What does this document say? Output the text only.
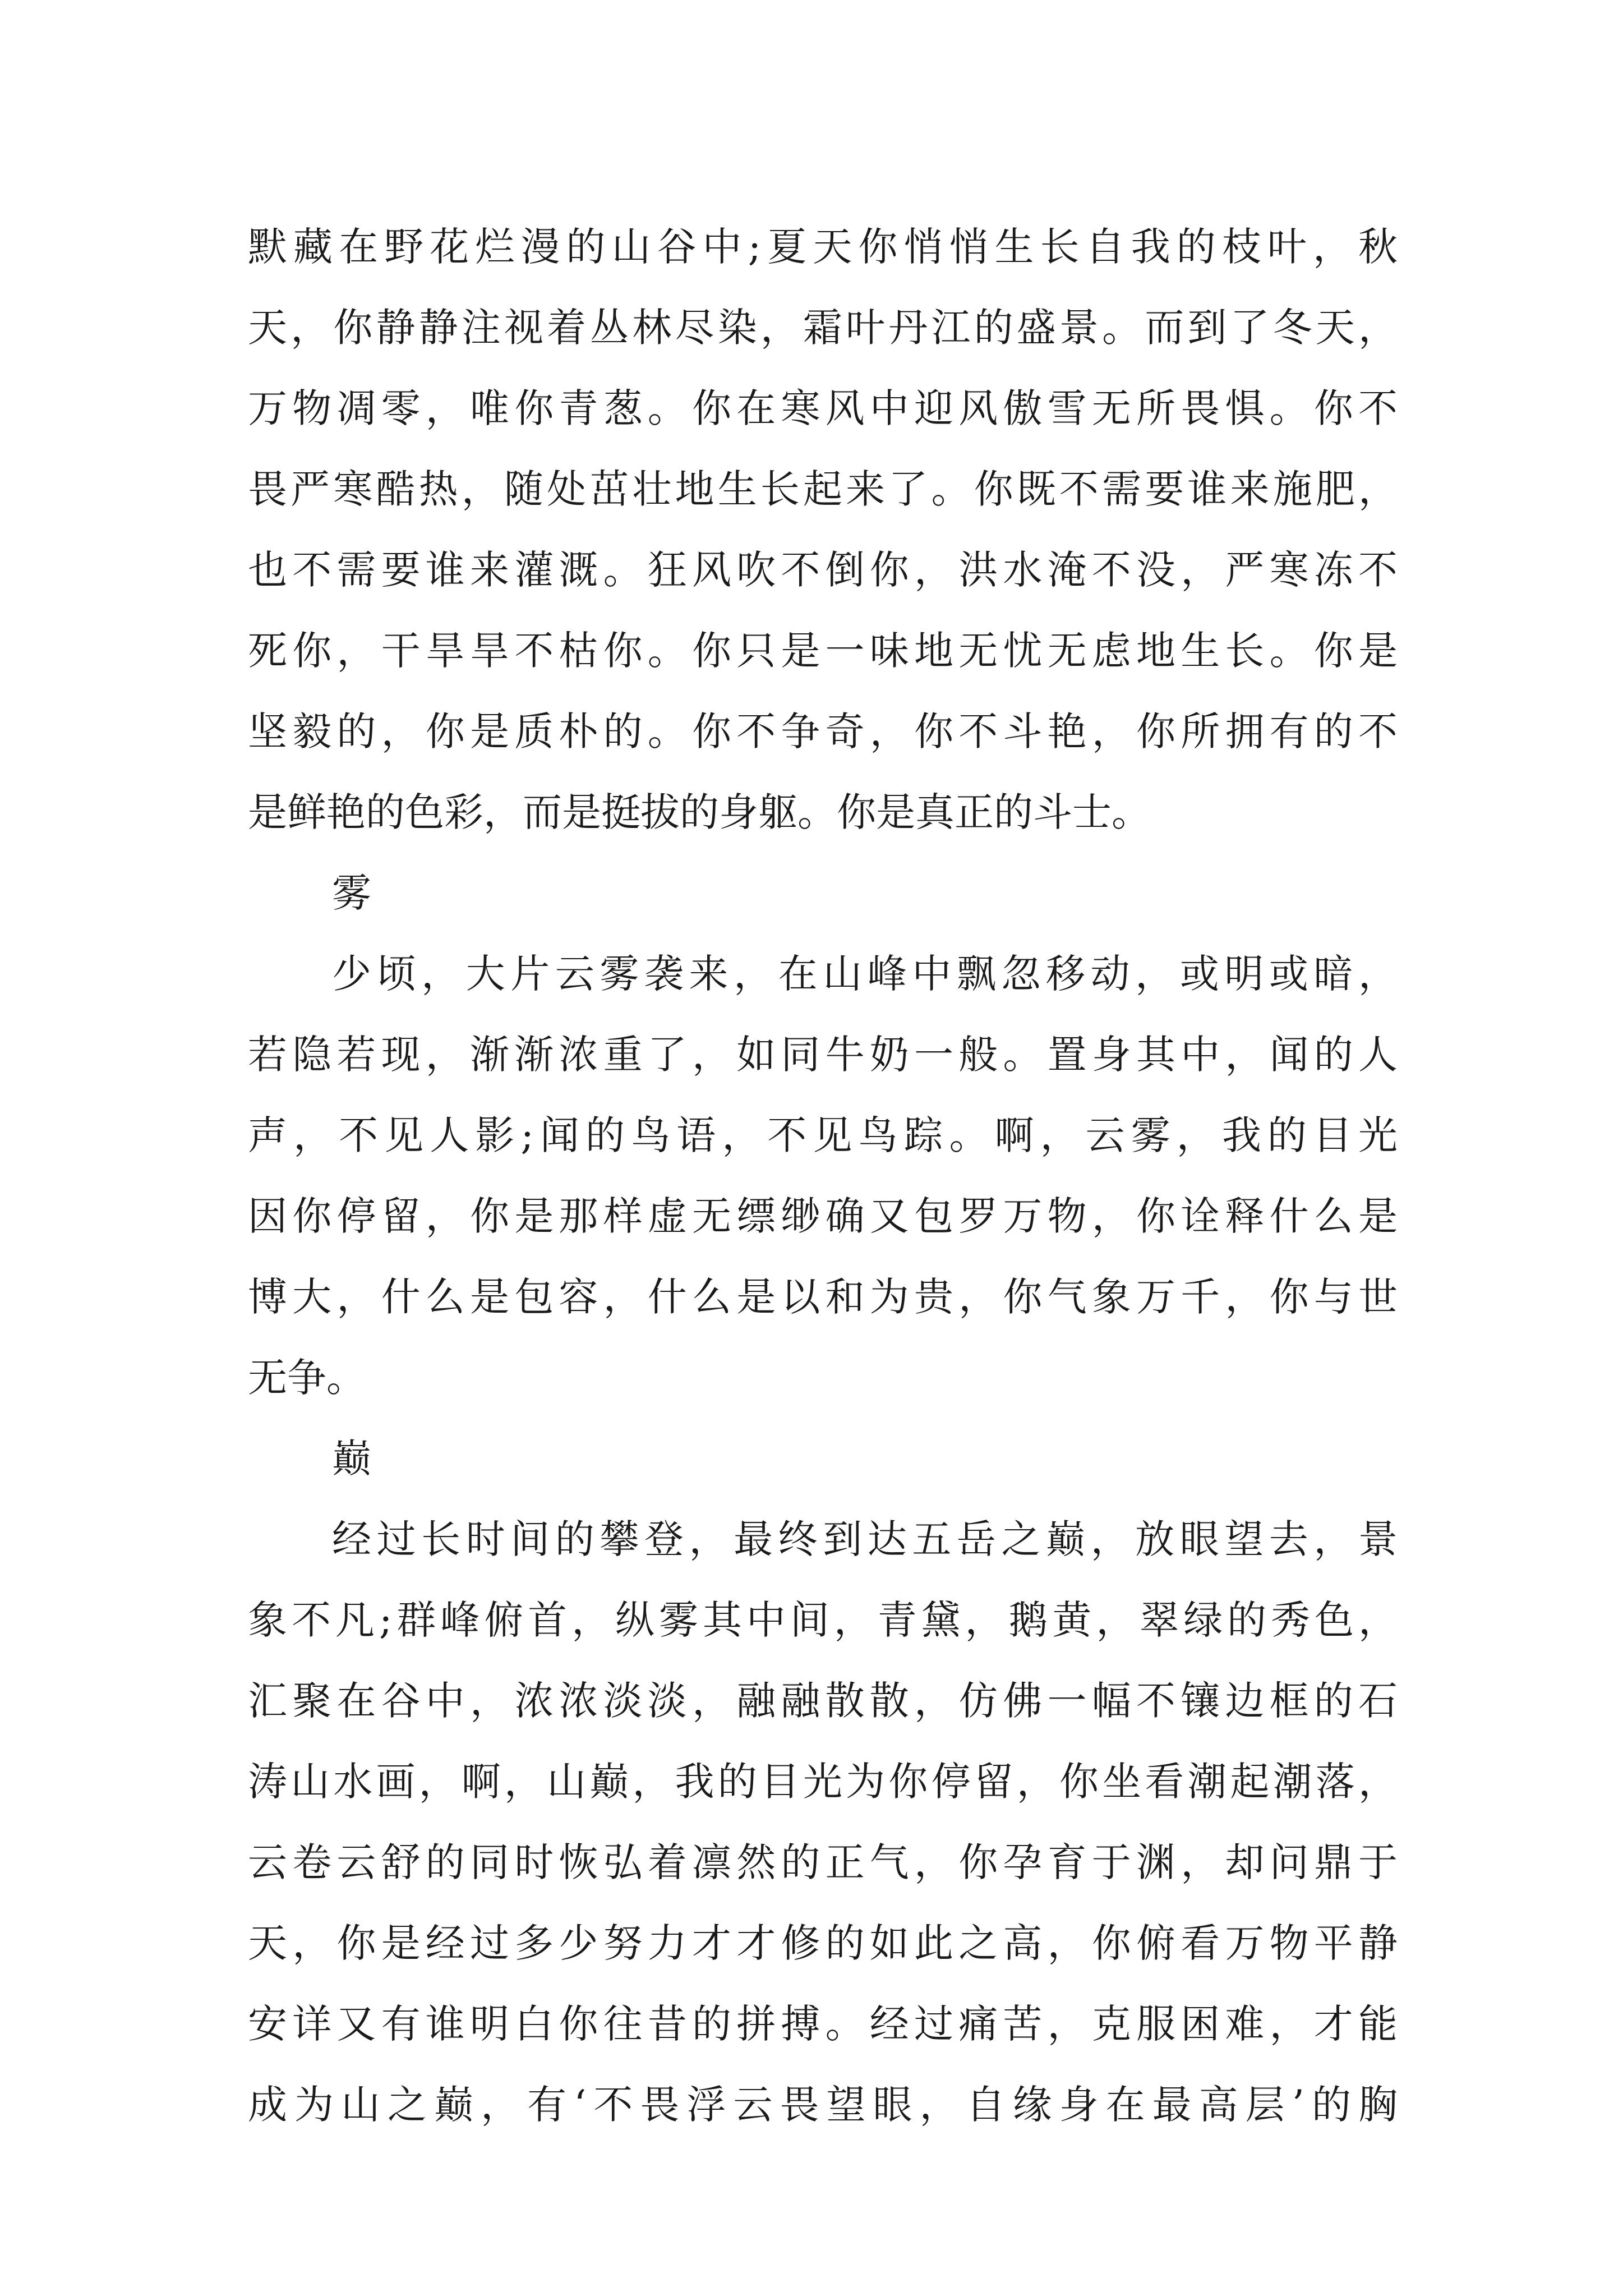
默藏在野花烂漫的山谷中;夏天你悄悄生长自我的枝叶，秋
天，你静静注视着丛林尽染，霜叶丹江的盛景。而到了冬天，
万物凋零，唯你青葱。你在寒风中迎风傲雪无所畏惧。你不
畏严寒酷热，随处茁壮地生长起来了。你既不需要谁来施肥，
也不需要谁来灌溉。狂风吹不倒你，洪水淹不没，严寒冻不
死你，干旱旱不枯你。你只是一味地无忧无虑地生长。你是
坚毅的，你是质朴的。你不争奇，你不斗艳，你所拥有的不
是鲜艳的色彩，而是挺拔的身躯。你是真正的斗士。
雾
少顷，大片云雾袭来，在山峰中飘忽移动，或明或暗，
若隐若现，渐渐浓重了，如同牛奶一般。置身其中，闻的人
声，不见人影;闻的鸟语，不见鸟踪。啊，云雾，我的目光
因你停留，你是那样虚无缥缈确又包罗万物，你诠释什么是
博大，什么是包容，什么是以和为贵，你气象万千，你与世
无争。
巅
经过长时间的攀登，最终到达五岳之巅，放眼望去，景
象不凡;群峰俯首，纵雾其中间，青黛，鹅黄，翠绿的秀色，
汇聚在谷中，浓浓淡淡，融融散散，仿佛一幅不镶边框的石
涛山水画，啊，山巅，我的目光为你停留，你坐看潮起潮落，
云卷云舒的同时恢弘着凛然的正气，你孕育于渊，却问鼎于
天，你是经过多少努力才才修的如此之高，你俯看万物平静
安详又有谁明白你往昔的拼搏。经过痛苦，克服困难，才能
成为山之巅，有‘不畏浮云畏望眼，自缘身在最高层’的胸
